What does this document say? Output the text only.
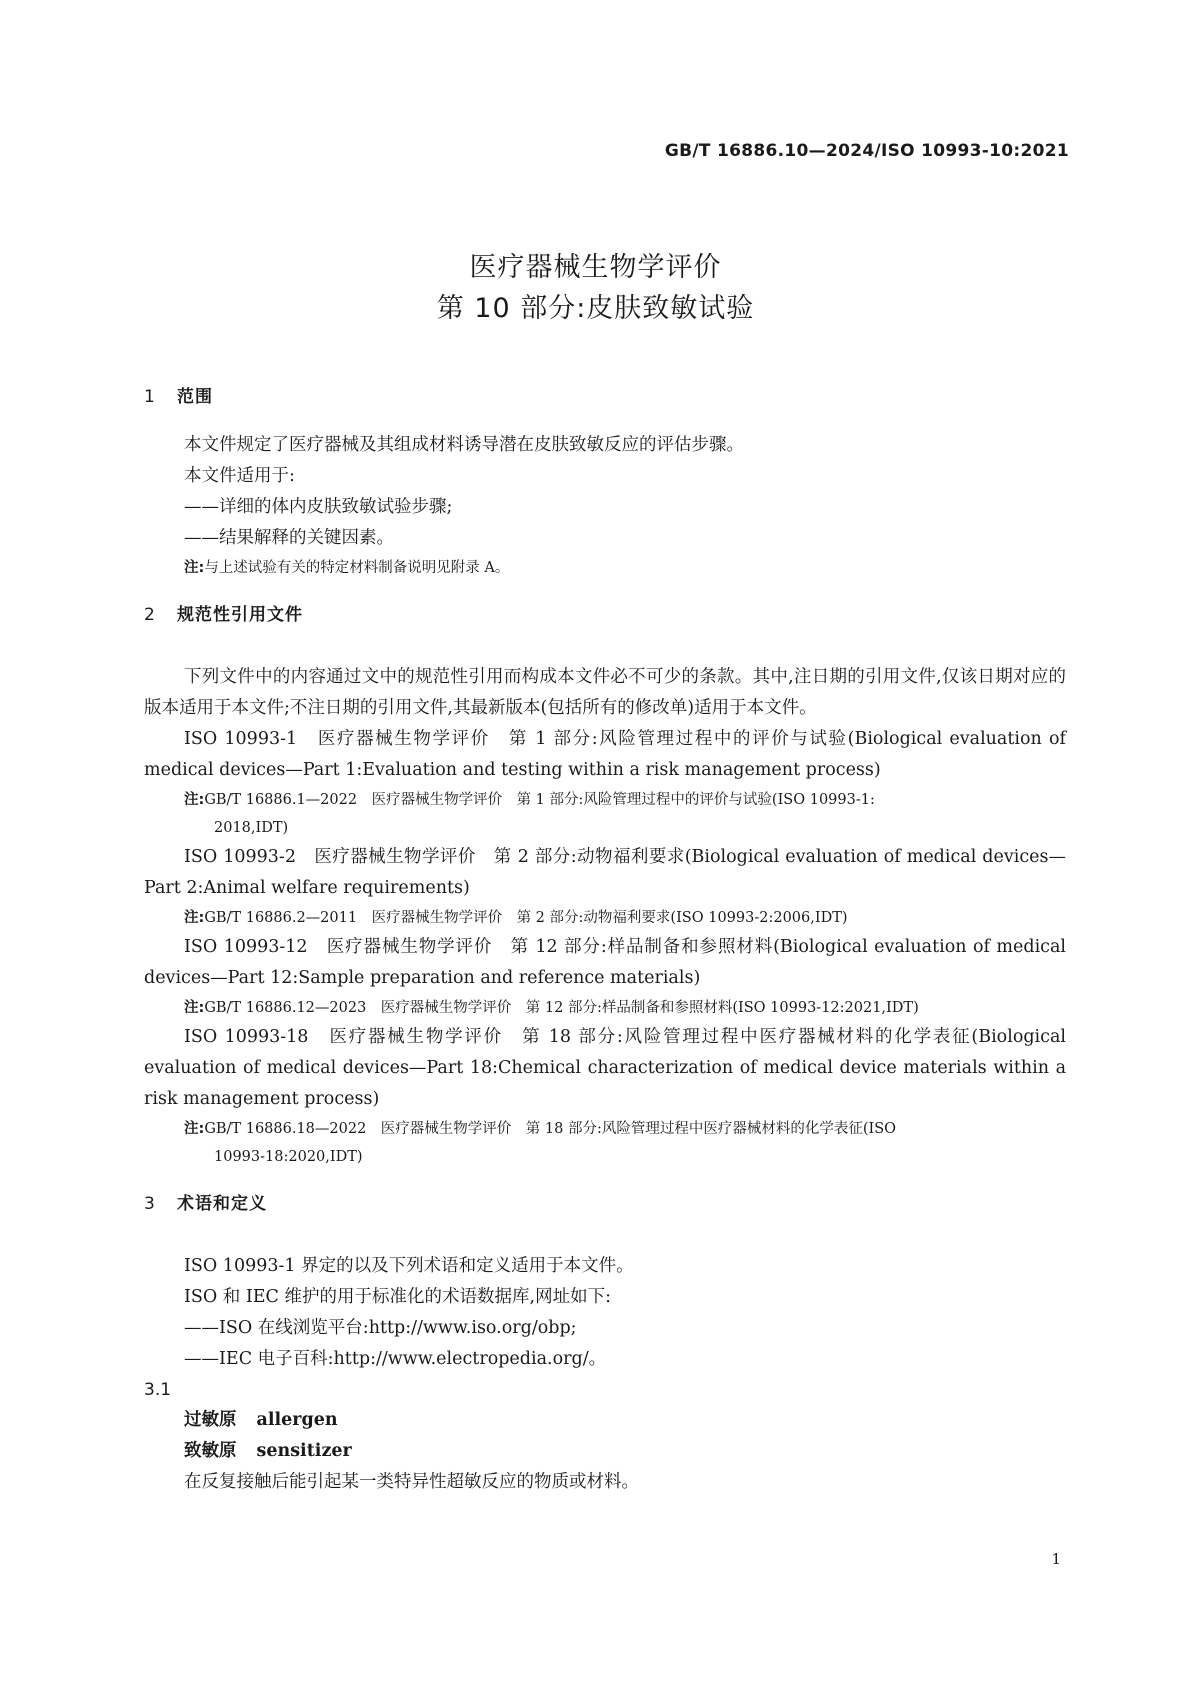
GB/T 16886.10—2024/ISO 10993-10:2021
医疗器械生物学评价
第 10 部分:皮肤致敏试验
1 范围

本文件规定了医疗器械及其组成材料诱导潜在皮肤致敏反应的评估步骤。

本文件适用于:

——详细的体内皮肤致敏试验步骤;

——结果解释的关键因素。

注:与上述试验有关的特定材料制备说明见附录 A。

2 规范性引用文件

下列文件中的内容通过文中的规范性引用而构成本文件必不可少的条款。其中,注日期的引用文件,仅该日期对应的版本适用于本文件;不注日期的引用文件,其最新版本(包括所有的修改单)适用于本文件。

ISO 10993-1　医疗器械生物学评价　第 1 部分:风险管理过程中的评价与试验(Biological evaluation of medical devices—Part 1:Evaluation and testing within a risk management process)

注:GB/T 16886.1—2022　医疗器械生物学评价　第 1 部分:风险管理过程中的评价与试验(ISO 10993-1:
2018,IDT)

ISO 10993-2　医疗器械生物学评价　第 2 部分:动物福利要求(Biological evaluation of medical devices—Part 2:Animal welfare requirements)

注:GB/T 16886.2—2011　医疗器械生物学评价　第 2 部分:动物福利要求(ISO 10993-2:2006,IDT)

ISO 10993-12　医疗器械生物学评价　第 12 部分:样品制备和参照材料(Biological evaluation of medical devices—Part 12:Sample preparation and reference materials)

注:GB/T 16886.12—2023　医疗器械生物学评价　第 12 部分:样品制备和参照材料(ISO 10993-12:2021,IDT)

ISO 10993-18　医疗器械生物学评价　第 18 部分:风险管理过程中医疗器械材料的化学表征(Biological evaluation of medical devices—Part 18:Chemical characterization of medical device materials within a risk management process)

注:GB/T 16886.18—2022　医疗器械生物学评价　第 18 部分:风险管理过程中医疗器械材料的化学表征(ISO
10993-18:2020,IDT)

3 术语和定义

ISO 10993-1 界定的以及下列术语和定义适用于本文件。

ISO 和 IEC 维护的用于标准化的术语数据库,网址如下:

——ISO 在线浏览平台:http://www.iso.org/obp;

——IEC 电子百科:http://www.electropedia.org/。

3.1

过敏原 allergen

致敏原 sensitizer

在反复接触后能引起某一类特异性超敏反应的物质或材料。

1
